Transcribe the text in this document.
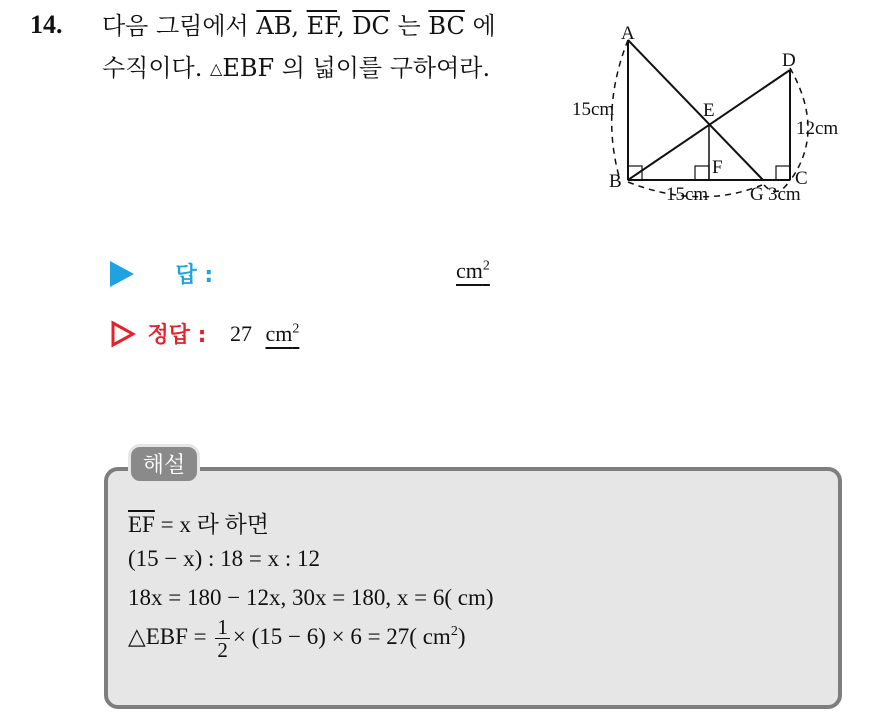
14. 다음 그림에서 $\overline{AB}$, $\overline{EF}$, $\overline{DC}$ 는 $\overline{BC}$ 에
수직이다. △EBF 의 넓이를 구하여라.
A
B	C
D
E
F
G
15cm
12cm
15cm	3cm
답 :	$cm^2$
정답 : 27 $cm^2$
해설
$\overline{EF} = x$ 라 하면
(15 − x) : 18 = x : 12
18x = 180 − 12x, 30x = 180, x = 6( cm)
△EBF = $\frac{1}{2} \times (15 - 6) \times 6 = 27$( $cm^2$)
